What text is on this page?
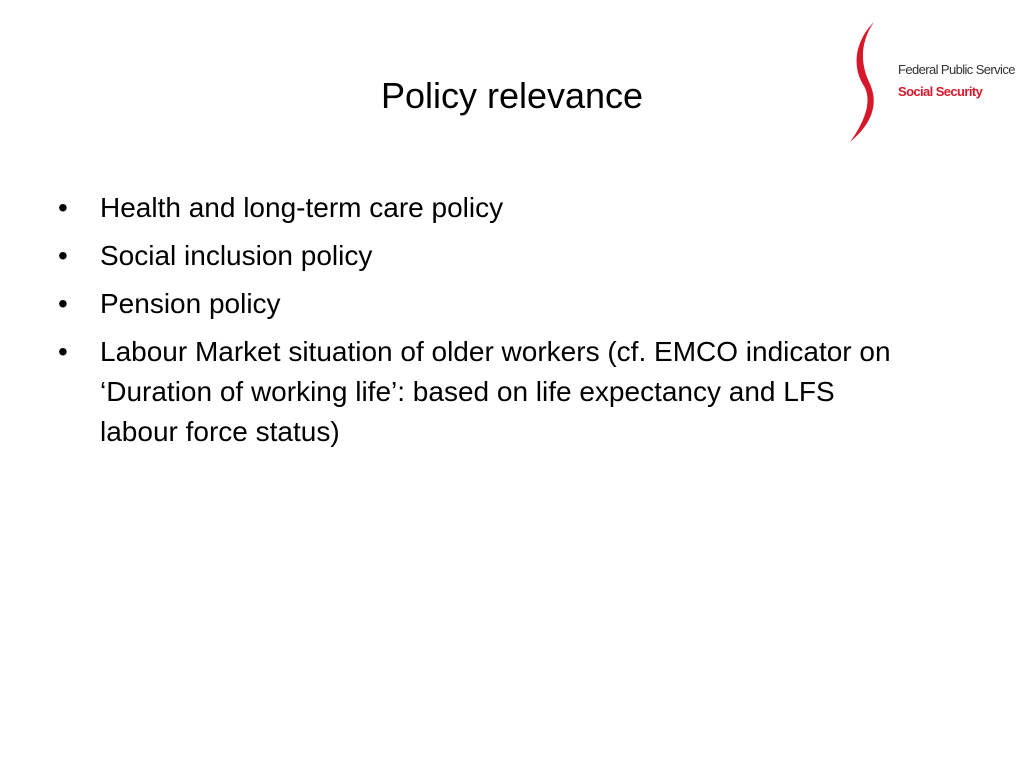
Federal Public Service
Social Security
Policy relevance
• Health and long-term care policy
• Social inclusion policy
• Pension policy
• Labour Market situation of older workers (cf. EMCO indicator on ‘Duration of working life’: based on life expectancy and LFS labour force status)
